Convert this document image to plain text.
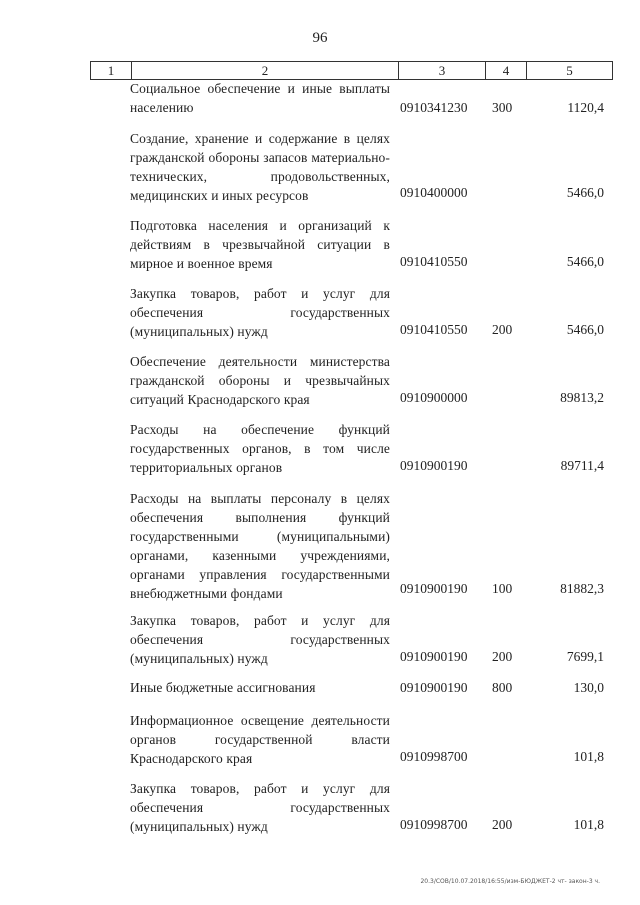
96
1	2	3	4	5
Социальное обеспечение и иные выплаты населению	0910341230 300	1120,4
Создание, хранение и содержание в целях гражданской обороны запасов материально-технических, продовольственных, медицинских и иных ресурсов	0910400000	5466,0
Подготовка населения и организаций к действиям в чрезвычайной ситуации в мирное и военное время	0910410550	5466,0
Закупка товаров, работ и услуг для обеспечения государственных (муниципальных) нужд	0910410550 200	5466,0
Обеспечение деятельности министерства гражданской обороны и чрезвычайных ситуаций Краснодарского края	0910900000	89813,2
Расходы на обеспечение функций государственных органов, в том числе территориальных органов	0910900190	89711,4
Расходы на выплаты персоналу в целях обеспечения выполнения функций государственными (муниципальными) органами, казенными учреждениями, органами управления государственными внебюджетными фондами	0910900190 100	81882,3
Закупка товаров, работ и услуг для обеспечения государственных (муниципальных) нужд	0910900190 200	7699,1
Иные бюджетные ассигнования	0910900190 800	130,0
Информационное освещение деятельности органов государственной власти Краснодарского края	0910998700	101,8
Закупка товаров, работ и услуг для обеспечения государственных (муниципальных) нужд	0910998700 200	101,8
20.3/СОВ/10.07.2018/16:55/изм-БЮДЖЕТ-2 чт- закон-3 ч.
